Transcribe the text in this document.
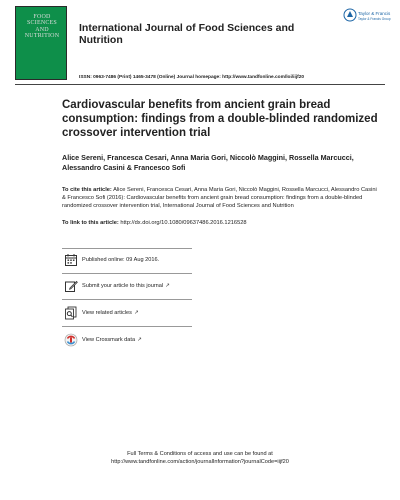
FOOD
SCIENCES
AND
NUTRITION
International Journal of Food Sciences and Nutrition
Taylor & Francis
Taylor & Francis Group
ISSN: 0963-7486 (Print) 1465-3478 (Online) Journal homepage: http://www.tandfonline.com/loi/iijf20
Cardiovascular benefits from ancient grain bread consumption: findings from a double-blinded randomized crossover intervention trial
Alice Sereni, Francesca Cesari, Anna Maria Gori, Niccolò Maggini, Rossella Marcucci, Alessandro Casini & Francesco Sofi
To cite this article: Alice Sereni, Francesca Cesari, Anna Maria Gori, Niccolò Maggini, Rossella Marcucci, Alessandro Casini & Francesco Sofi (2016): Cardiovascular benefits from ancient grain bread consumption: findings from a double-blinded randomized crossover intervention trial, International Journal of Food Sciences and Nutrition
To link to this article: http://dx.doi.org/10.1080/09637486.2016.1216528
Published online: 09 Aug 2016.
Submit your article to this journal ↗
View related articles ↗
View Crossmark data ↗
Full Terms & Conditions of access and use can be found at
http://www.tandfonline.com/action/journalInformation?journalCode=iijf20
